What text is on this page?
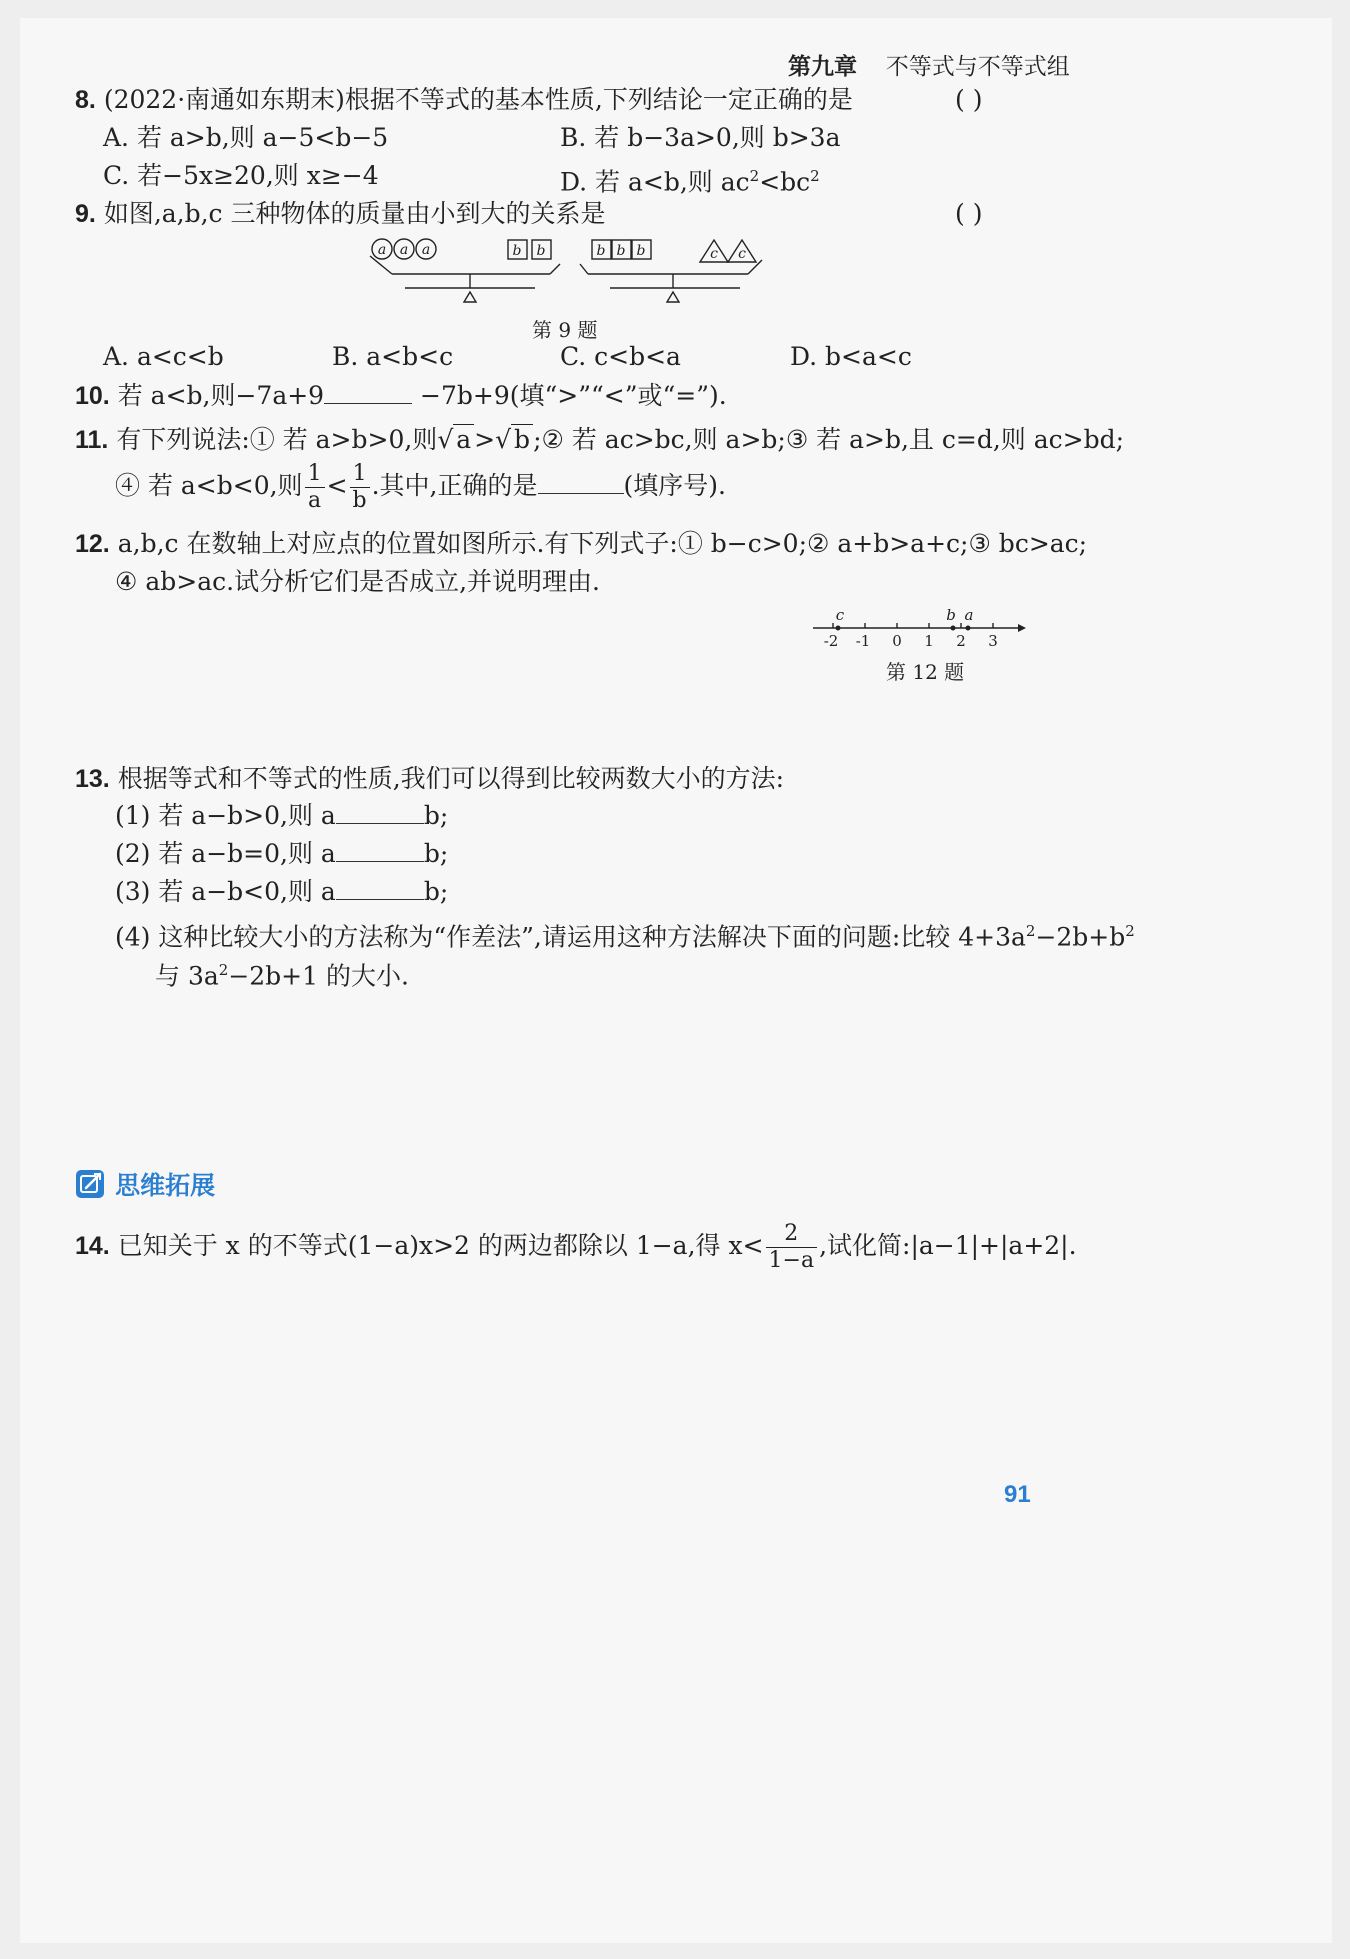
第九章 不等式与不等式组
8. (2022·南通如东期末)根据不等式的基本性质,下列结论一定正确的是	( )
A. 若 a>b,则 a−5<b−5	B. 若 b−3a>0,则 b>3a
C. 若−5x≥20,则 x≥−4	D. 若 a<b,则 $ac^2<bc^2$
9. 如图,a,b,c 三种物体的质量由小到大的关系是	( )
a a a	b b	b b b	c c
第 9 题
A. a<c<b	B. a<b<c	C. c<b<a	D. b<a<c
10. 若 a<b,则−7a+9	−7b+9(填“>”“<”或“=”).
11. 有下列说法:① 若 a>b>0,则√ a >√ b ;② 若 ac>bc,则 a>b;③ 若 a>b,且 c=d,则 ac>bd;
④ 若 a<b<0,则 $\frac{1}{a} < \frac{1}{b}$ .其中,正确的是	(填序号).
12. a,b,c 在数轴上对应点的位置如图所示.有下列式子:① b−c>0;② a+b>a+c;③ bc>ac;
④ ab>ac.试分析它们是否成立,并说明理由.
-2 -1 0 1 2 3
c	b a
第 12 题
13. 根据等式和不等式的性质,我们可以得到比较两数大小的方法:
(1) 若 a−b>0,则 a	b;
(2) 若 a−b=0,则 a	b;
(3) 若 a−b<0,则 a	b;
(4) 这种比较大小的方法称为“作差法”,请运用这种方法解决下面的问题:比较 $4+3a^2-2b+b^2$
与 $3a^2-2b+1$ 的大小.
思维拓展
14. 已知关于 x 的不等式(1−a)x>2 的两边都除以 1−a,得 $x< \frac{2}{1-a}$ ,试化简:|a−1|+|a+2|.
91
